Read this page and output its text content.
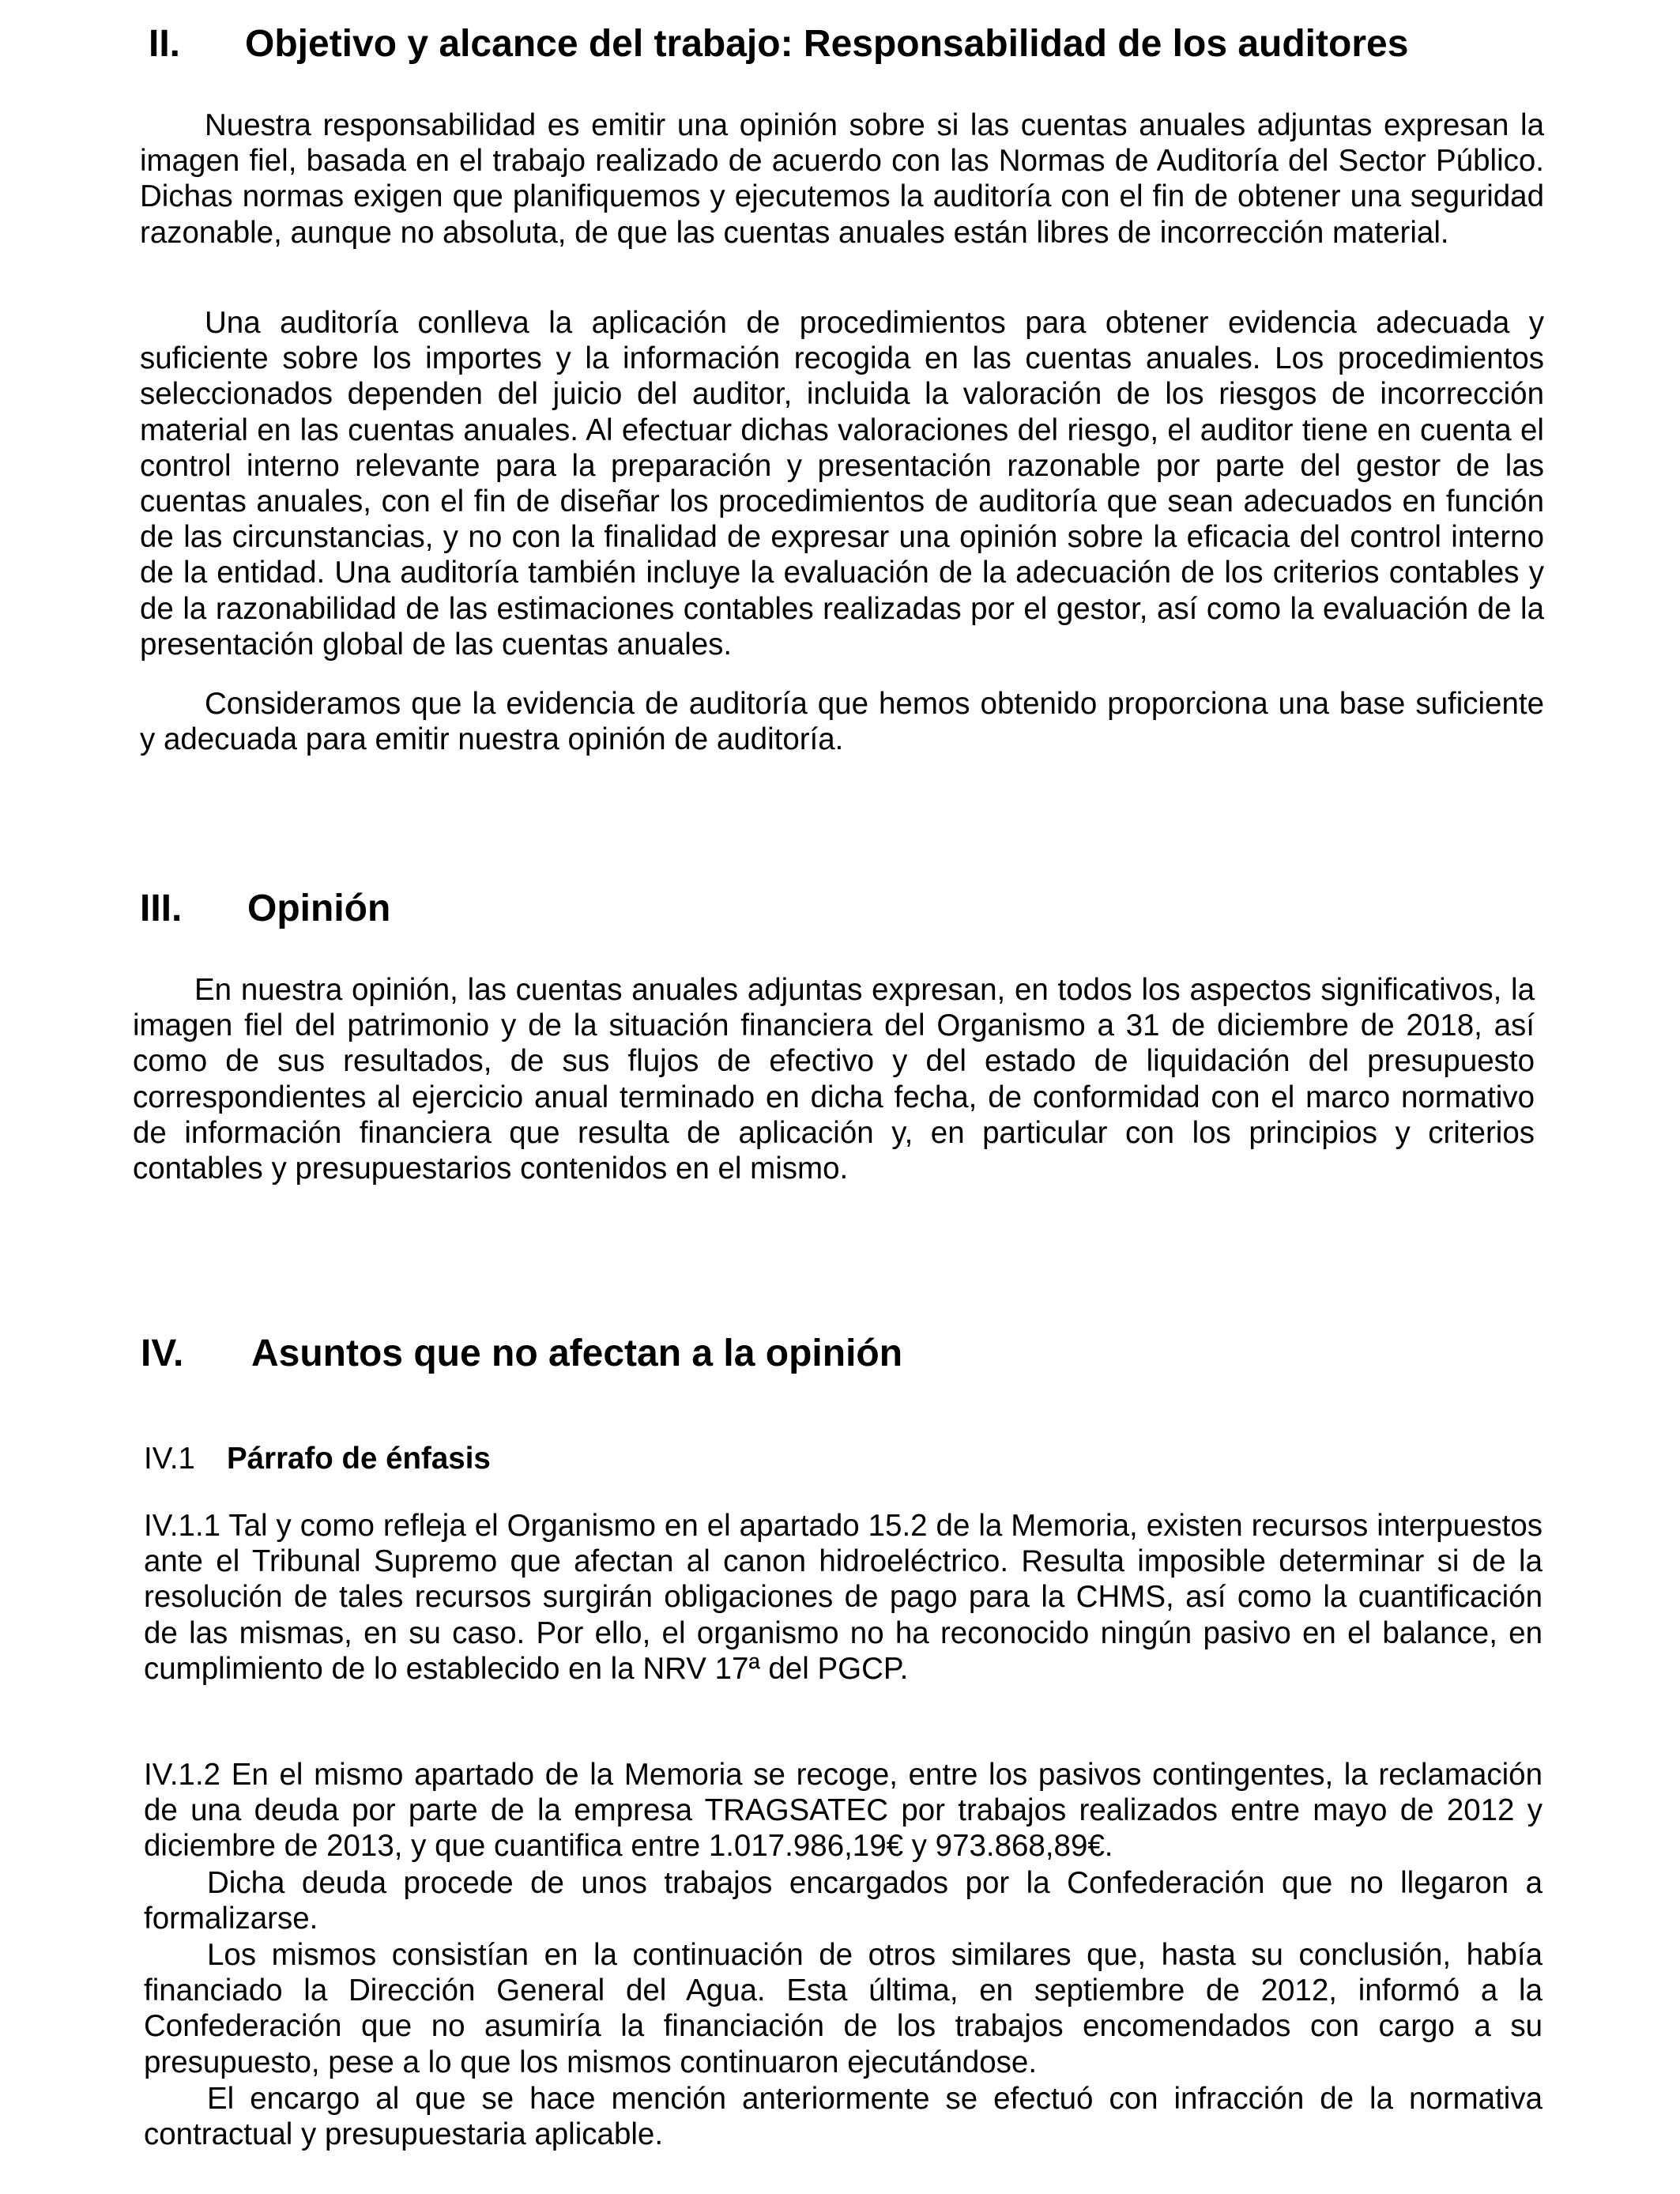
II. Objetivo y alcance del trabajo: Responsabilidad de los auditores

Nuestra responsabilidad es emitir una opinión sobre si las cuentas anuales adjuntas expresan la imagen fiel, basada en el trabajo realizado de acuerdo con las Normas de Auditoría del Sector Público. Dichas normas exigen que planifiquemos y ejecutemos la auditoría con el fin de obtener una seguridad razonable, aunque no absoluta, de que las cuentas anuales están libres de incorrección material.

Una auditoría conlleva la aplicación de procedimientos para obtener evidencia adecuada y suficiente sobre los importes y la información recogida en las cuentas anuales. Los procedimientos seleccionados dependen del juicio del auditor, incluida la valoración de los riesgos de incorrección material en las cuentas anuales. Al efectuar dichas valoraciones del riesgo, el auditor tiene en cuenta el control interno relevante para la preparación y presentación razonable por parte del gestor de las cuentas anuales, con el fin de diseñar los procedimientos de auditoría que sean adecuados en función de las circunstancias, y no con la finalidad de expresar una opinión sobre la eficacia del control interno de la entidad. Una auditoría también incluye la evaluación de la adecuación de los criterios contables y de la razonabilidad de las estimaciones contables realizadas por el gestor, así como la evaluación de la presentación global de las cuentas anuales.

Consideramos que la evidencia de auditoría que hemos obtenido proporciona una base suficiente y adecuada para emitir nuestra opinión de auditoría.

III. Opinión

En nuestra opinión, las cuentas anuales adjuntas expresan, en todos los aspectos significativos, la imagen fiel del patrimonio y de la situación financiera del Organismo a 31 de diciembre de 2018, así como de sus resultados, de sus flujos de efectivo y del estado de liquidación del presupuesto correspondientes al ejercicio anual terminado en dicha fecha, de conformidad con el marco normativo de información financiera que resulta de aplicación y, en particular con los principios y criterios contables y presupuestarios contenidos en el mismo.

IV. Asuntos que no afectan a la opinión
IV.1 Párrafo de énfasis

IV.1.1 Tal y como refleja el Organismo en el apartado 15.2 de la Memoria, existen recursos interpuestos ante el Tribunal Supremo que afectan al canon hidroeléctrico. Resulta imposible determinar si de la resolución de tales recursos surgirán obligaciones de pago para la CHMS, así como la cuantificación de las mismas, en su caso. Por ello, el organismo no ha reconocido ningún pasivo en el balance, en cumplimiento de lo establecido en la NRV 17ª del PGCP.

IV.1.2 En el mismo apartado de la Memoria se recoge, entre los pasivos contingentes, la reclamación de una deuda por parte de la empresa TRAGSATEC por trabajos realizados entre mayo de 2012 y diciembre de 2013, y que cuantifica entre 1.017.986,19€ y 973.868,89€.

Dicha deuda procede de unos trabajos encargados por la Confederación que no llegaron a formalizarse.

Los mismos consistían en la continuación de otros similares que, hasta su conclusión, había financiado la Dirección General del Agua. Esta última, en septiembre de 2012, informó a la Confederación que no asumiría la financiación de los trabajos encomendados con cargo a su presupuesto, pese a lo que los mismos continuaron ejecutándose.

El encargo al que se hace mención anteriormente se efectuó con infracción de la normativa contractual y presupuestaria aplicable.
